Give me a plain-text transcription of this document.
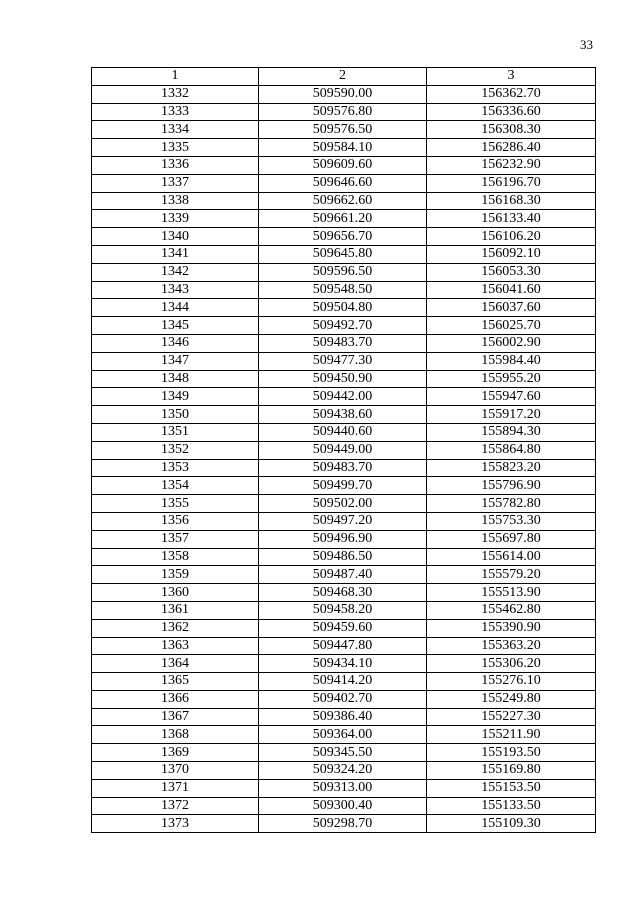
33
1	2	3
1332	509590.00	156362.70
1333	509576.80	156336.60
1334	509576.50	156308.30
1335	509584.10	156286.40
1336	509609.60	156232.90
1337	509646.60	156196.70
1338	509662.60	156168.30
1339	509661.20	156133.40
1340	509656.70	156106.20
1341	509645.80	156092.10
1342	509596.50	156053.30
1343	509548.50	156041.60
1344	509504.80	156037.60
1345	509492.70	156025.70
1346	509483.70	156002.90
1347	509477.30	155984.40
1348	509450.90	155955.20
1349	509442.00	155947.60
1350	509438.60	155917.20
1351	509440.60	155894.30
1352	509449.00	155864.80
1353	509483.70	155823.20
1354	509499.70	155796.90
1355	509502.00	155782.80
1356	509497.20	155753.30
1357	509496.90	155697.80
1358	509486.50	155614.00
1359	509487.40	155579.20
1360	509468.30	155513.90
1361	509458.20	155462.80
1362	509459.60	155390.90
1363	509447.80	155363.20
1364	509434.10	155306.20
1365	509414.20	155276.10
1366	509402.70	155249.80
1367	509386.40	155227.30
1368	509364.00	155211.90
1369	509345.50	155193.50
1370	509324.20	155169.80
1371	509313.00	155153.50
1372	509300.40	155133.50
1373	509298.70	155109.30
